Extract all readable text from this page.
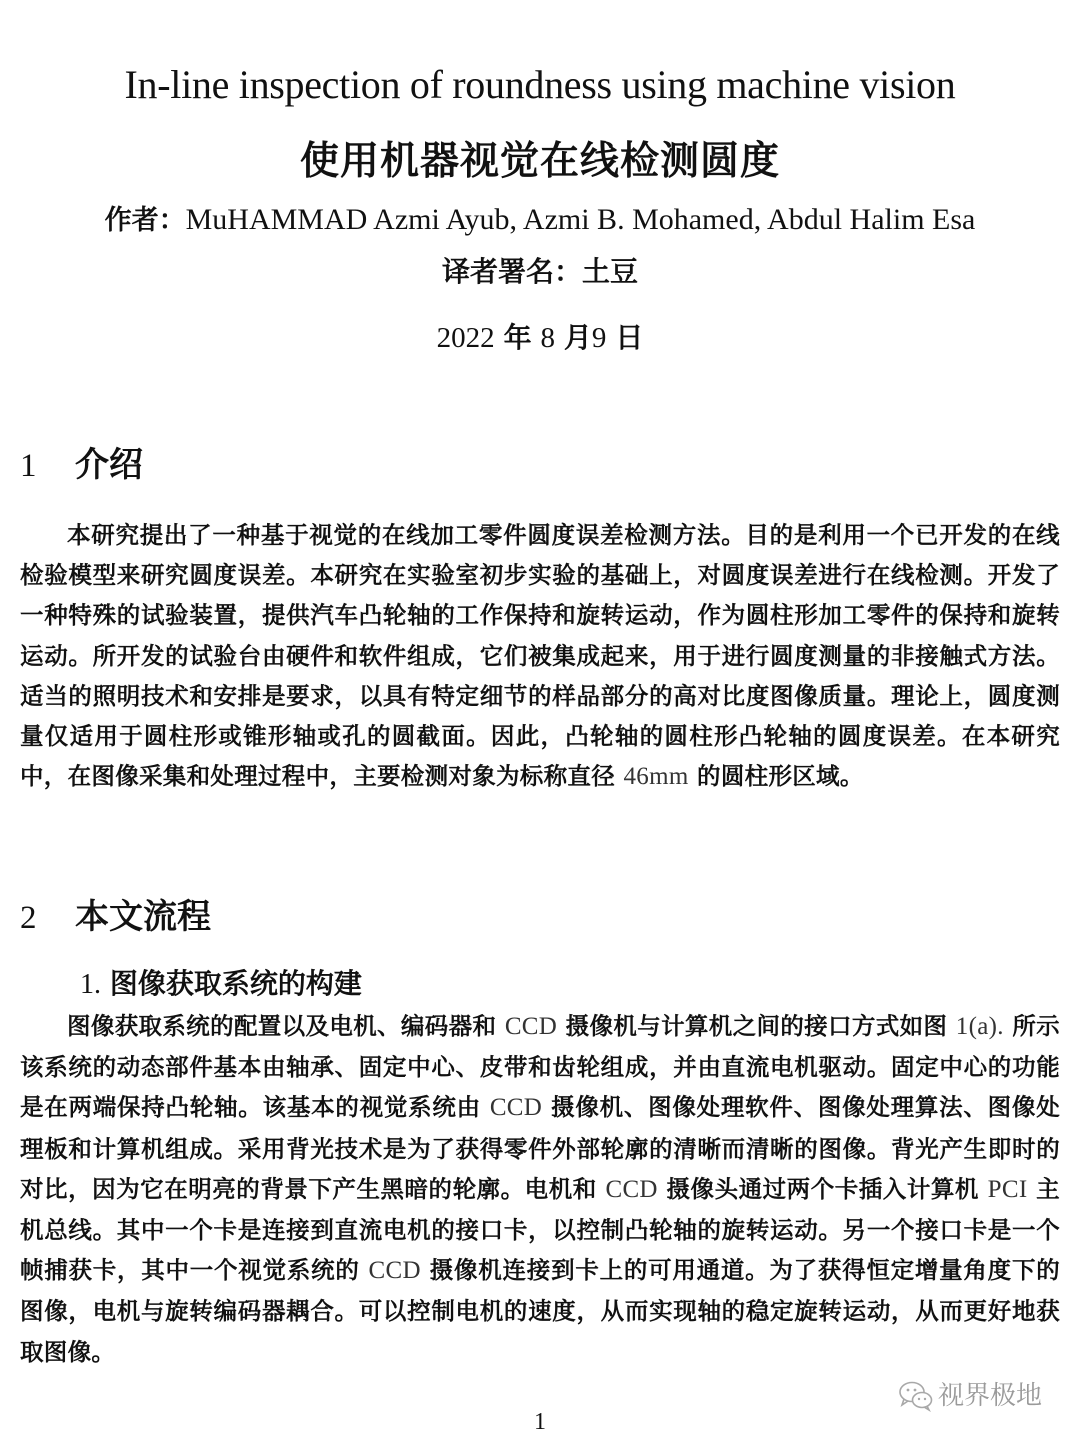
In-line inspection of roundness using machine vision
使用机器视觉在线检测圆度
作者：MuHAMMAD Azmi Ayub, Azmi B. Mohamed, Abdul Halim Esa
译者署名：土豆
2022 年 8 月9 日
1 介绍

本研究提出了一种基于视觉的在线加工零件圆度误差检测方法。目的是利用一个已开发的在线检验模型来研究圆度误差。本研究在实验室初步实验的基础上，对圆度误差进行在线检测。开发了一种特殊的试验装置，提供汽车凸轮轴的工作保持和旋转运动，作为圆柱形加工零件的保持和旋转运动。所开发的试验台由硬件和软件组成，它们被集成起来，用于进行圆度测量的非接触式方法。适当的照明技术和安排是要求，以具有特定细节的样品部分的高对比度图像质量。理论上，圆度测量仅适用于圆柱形或锥形轴或孔的圆截面。因此，凸轮轴的圆柱形凸轮轴的圆度误差。在本研究中，在图像采集和处理过程中，主要检测对象为标称直径 46mm 的圆柱形区域。

2 本文流程
1. 图像获取系统的构建

图像获取系统的配置以及电机、编码器和 CCD 摄像机与计算机之间的接口方式如图 1(a). 所示该系统的动态部件基本由轴承、固定中心、皮带和齿轮组成，并由直流电机驱动。固定中心的功能是在两端保持凸轮轴。该基本的视觉系统由 CCD 摄像机、图像处理软件、图像处理算法、图像处理板和计算机组成。采用背光技术是为了获得零件外部轮廓的清晰而清晰的图像。背光产生即时的对比，因为它在明亮的背景下产生黑暗的轮廓。电机和 CCD 摄像头通过两个卡插入计算机 PCI 主机总线。其中一个卡是连接到直流电机的接口卡，以控制凸轮轴的旋转运动。另一个接口卡是一个帧捕获卡，其中一个视觉系统的 CCD 摄像机连接到卡上的可用通道。为了获得恒定增量角度下的图像，电机与旋转编码器耦合。可以控制电机的速度，从而实现轴的稳定旋转运动，从而更好地获取图像。

视界极地
1
